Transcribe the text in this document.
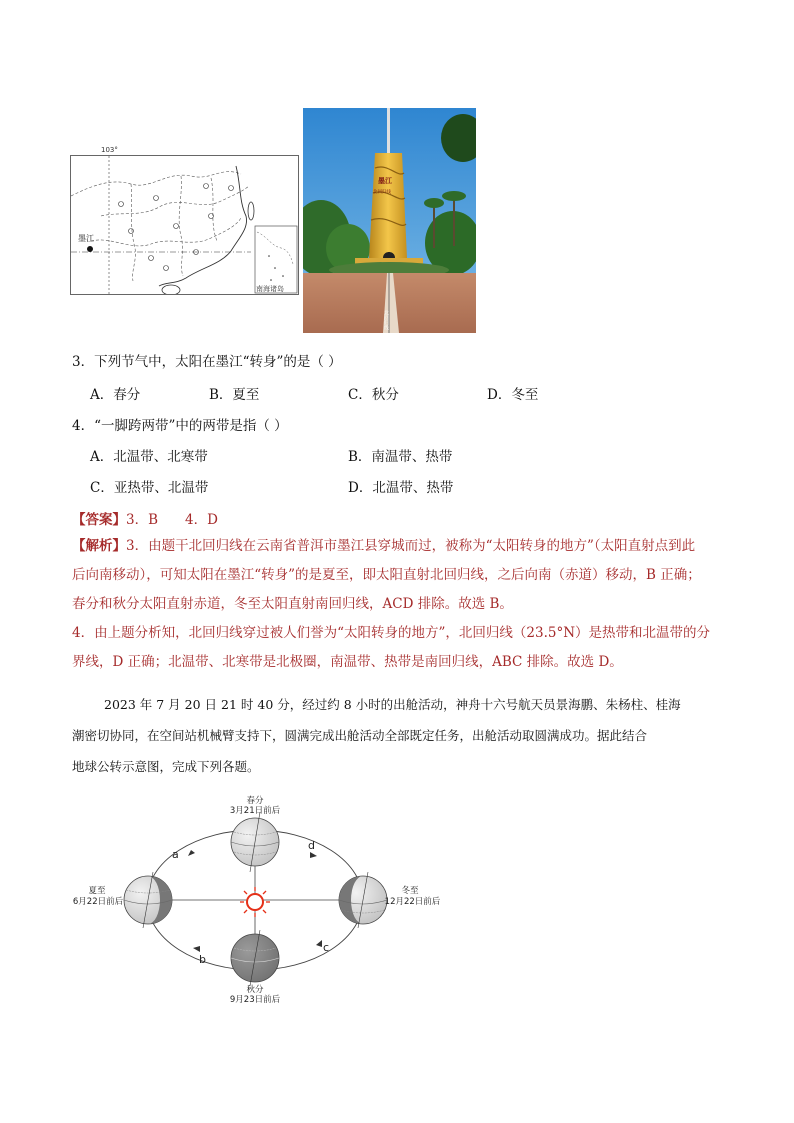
103°
墨江
南海诸岛
墨江
北回归线
北回归线
3．下列节气中，太阳在墨江“转身”的是（ ）
A．春分	B．夏至	C．秋分	D．冬至
4．“一脚跨两带”中的两带是指（ ）
A．北温带、北寒带	B．南温带、热带
C．亚热带、北温带	D．北温带、热带
【答案】3．B　　4．D
【解析】3．由题干北回归线在云南省普洱市墨江县穿城而过，被称为“太阳转身的地方”（太阳直射点到此
后向南移动），可知太阳在墨江“转身”的是夏至，即太阳直射北回归线，之后向南（赤道）移动，B 正确；
春分和秋分太阳直射赤道，冬至太阳直射南回归线，ACD 排除。故选 B。
4．由上题分析知，北回归线穿过被人们誉为“太阳转身的地方”，北回归线（23.5°N）是热带和北温带的分
界线，D 正确；北温带、北寒带是北极圈，南温带、热带是南回归线，ABC 排除。故选 D。
2023 年 7 月 20 日 21 时 40 分，经过约 8 小时的出舱活动，神舟十六号航天员景海鹏、朱杨柱、桂海
潮密切协同，在空间站机械臂支持下，圆满完成出舱活动全部既定任务，出舱活动取圆满成功。据此结合
地球公转示意图，完成下列各题。
春分
3月21日前后
夏至
6月22日前后
冬至
12月22日前后
秋分
9月23日前后
a
b
c
d
